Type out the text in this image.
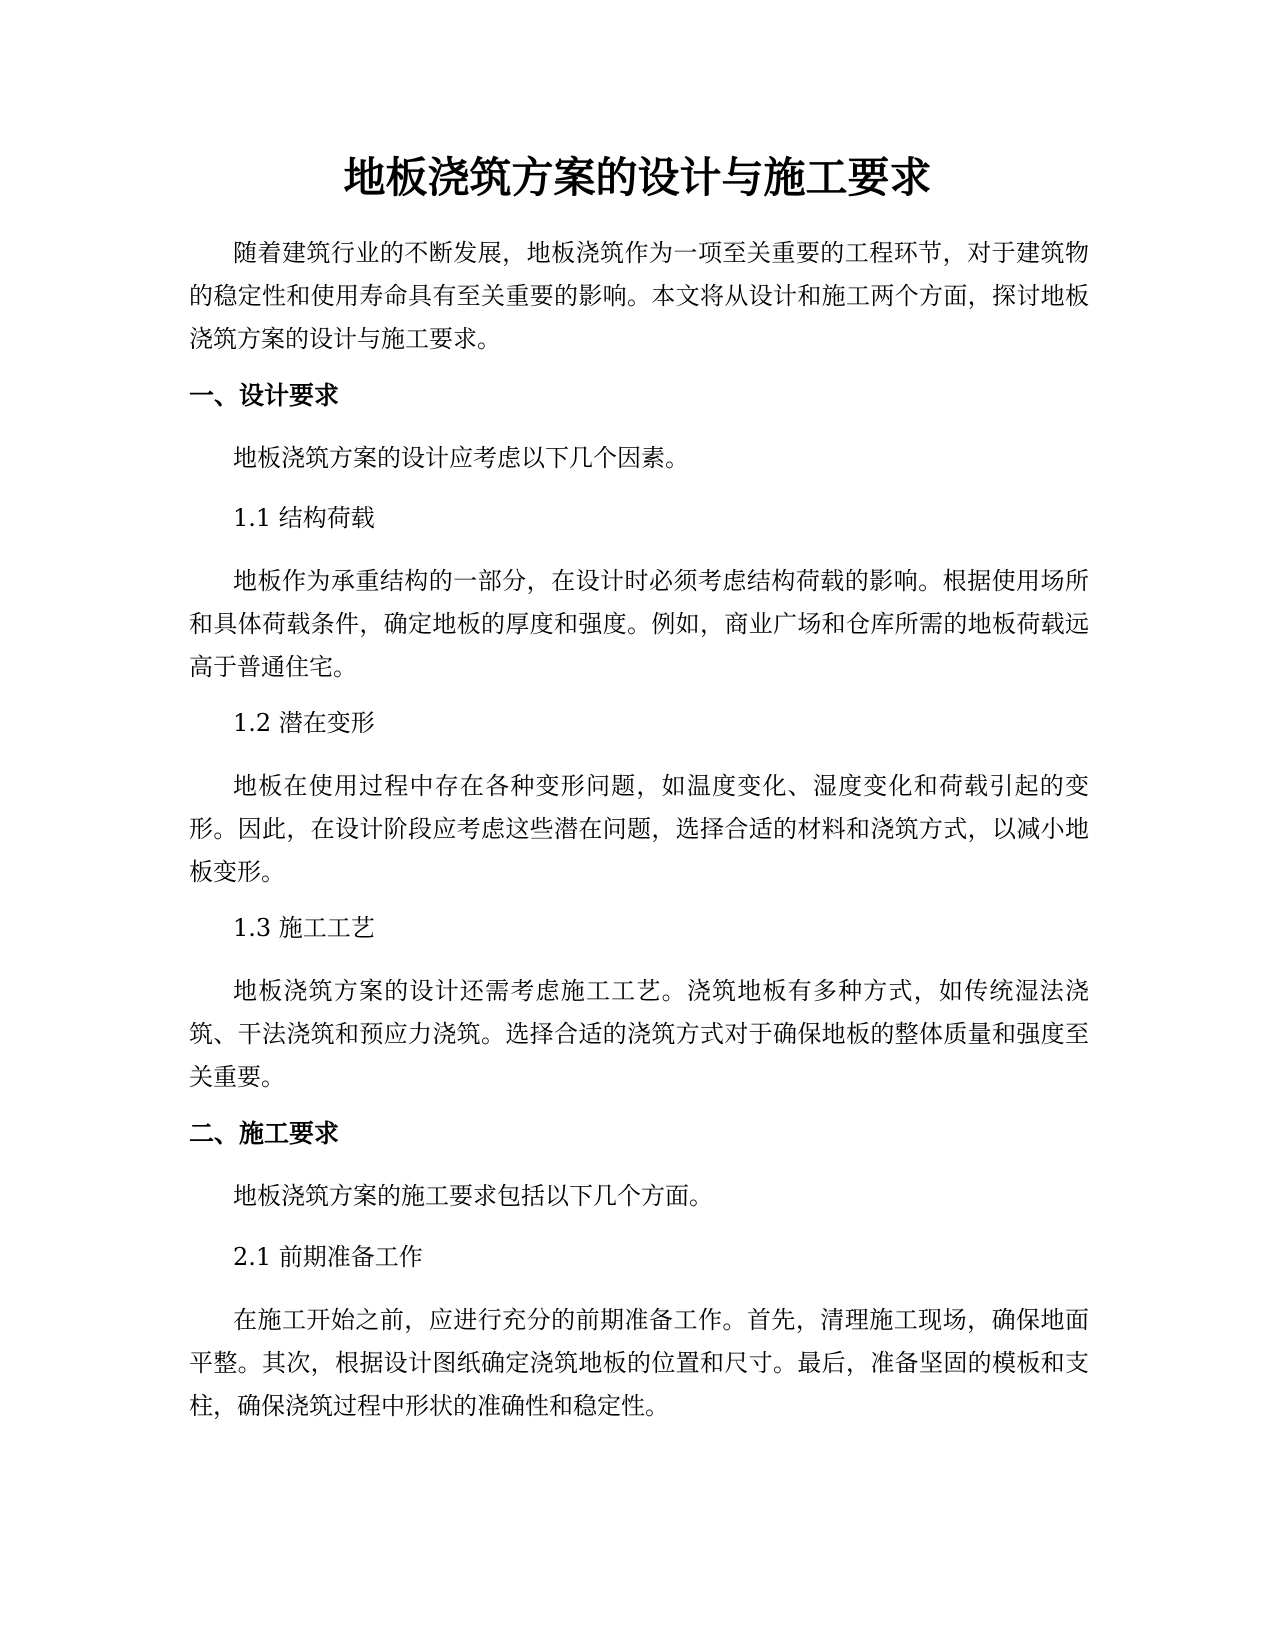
地板浇筑方案的设计与施工要求

随着建筑行业的不断发展，地板浇筑作为一项至关重要的工程环节，对于建筑物的稳定性和使用寿命具有至关重要的影响。本文将从设计和施工两个方面，探讨地板浇筑方案的设计与施工要求。

一、设计要求

地板浇筑方案的设计应考虑以下几个因素。

1.1 结构荷载

地板作为承重结构的一部分，在设计时必须考虑结构荷载的影响。根据使用场所和具体荷载条件，确定地板的厚度和强度。例如，商业广场和仓库所需的地板荷载远高于普通住宅。

1.2 潜在变形

地板在使用过程中存在各种变形问题，如温度变化、湿度变化和荷载引起的变形。因此，在设计阶段应考虑这些潜在问题，选择合适的材料和浇筑方式，以减小地板变形。

1.3 施工工艺

地板浇筑方案的设计还需考虑施工工艺。浇筑地板有多种方式，如传统湿法浇筑、干法浇筑和预应力浇筑。选择合适的浇筑方式对于确保地板的整体质量和强度至关重要。

二、施工要求

地板浇筑方案的施工要求包括以下几个方面。

2.1 前期准备工作

在施工开始之前，应进行充分的前期准备工作。首先，清理施工现场，确保地面平整。其次，根据设计图纸确定浇筑地板的位置和尺寸。最后，准备坚固的模板和支柱，确保浇筑过程中形状的准确性和稳定性。
